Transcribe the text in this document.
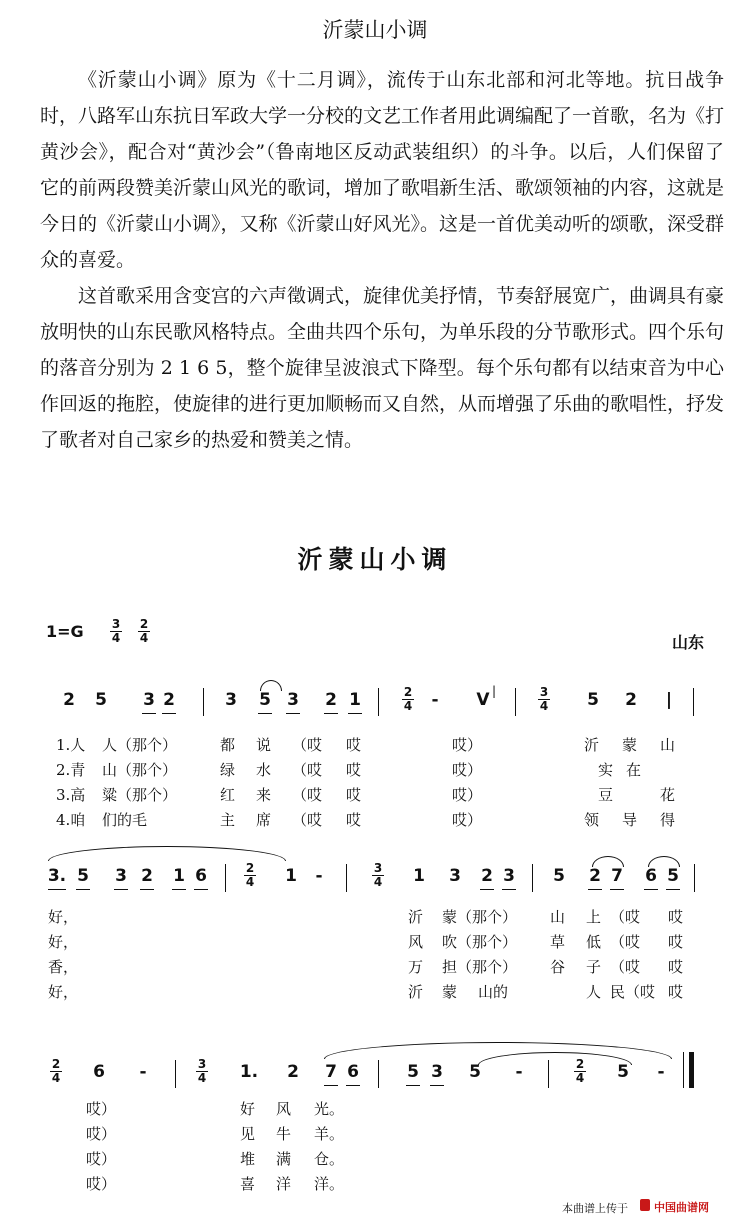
沂蒙山小调

《沂蒙山小调》原为《十二月调》，流传于山东北部和河北等地。抗日战争时，八路军山东抗日军政大学一分校的文艺工作者用此调编配了一首歌，名为《打黄沙会》，配合对“黄沙会”（鲁南地区反动武装组织）的斗争。以后，人们保留了它的前两段赞美沂蒙山风光的歌词，增加了歌唱新生活、歌颂领袖的内容，这就是今日的《沂蒙山小调》，又称《沂蒙山好风光》。这是一首优美动听的颂歌，深受群众的喜爱。

这首歌采用含变宫的六声徵调式，旋律优美抒情，节奏舒展宽广，曲调具有豪放明快的山东民歌风格特点。全曲共四个乐句，为单乐段的分节歌形式。四个乐句的落音分别为 2 1 6 5，整个旋律呈波浪式下降型。每个乐句都有以结束音为中心作回返的拖腔，使旋律的进行更加顺畅而又自然，从而增强了乐曲的歌唱性，抒发了歌者对自己家乡的热爱和赞美之情。

沂蒙山小调
1=G 3
4
2
4	山东
2 5 3 2	3 5 3 2 1	2
4	-	V |	3
4 5 2	|
1.人 人（那个）	都 说 （哎 哎	哎）	沂 蒙 山
2.青 山（那个）	绿 水 （哎 哎	哎）	实 在
3.高 粱（那个）	红 来 （哎 哎	哎）	豆	花
4.咱 们的毛	主 席 （哎 哎	哎）	领 导 得
3. 5 3 2 1 6	2
4 1	-	3
4 1 3 2 3 5 2 7 6 5
好，	沂 蒙（那个） 山 上 （哎 哎
好，	风 吹（那个） 草 低 （哎 哎
香，	万 担（那个） 谷 子 （哎 哎
好，	沂 蒙 山的	人 民（哎 哎
2
4 6	-	3
4 1. 2 7 6	5 3 5	-	2
4 5	-
哎）	好 风 光。
哎）	见 牛 羊。
哎）	堆 满 仓。
哎）	喜 洋 洋。
本曲谱上传于 中国曲谱网
